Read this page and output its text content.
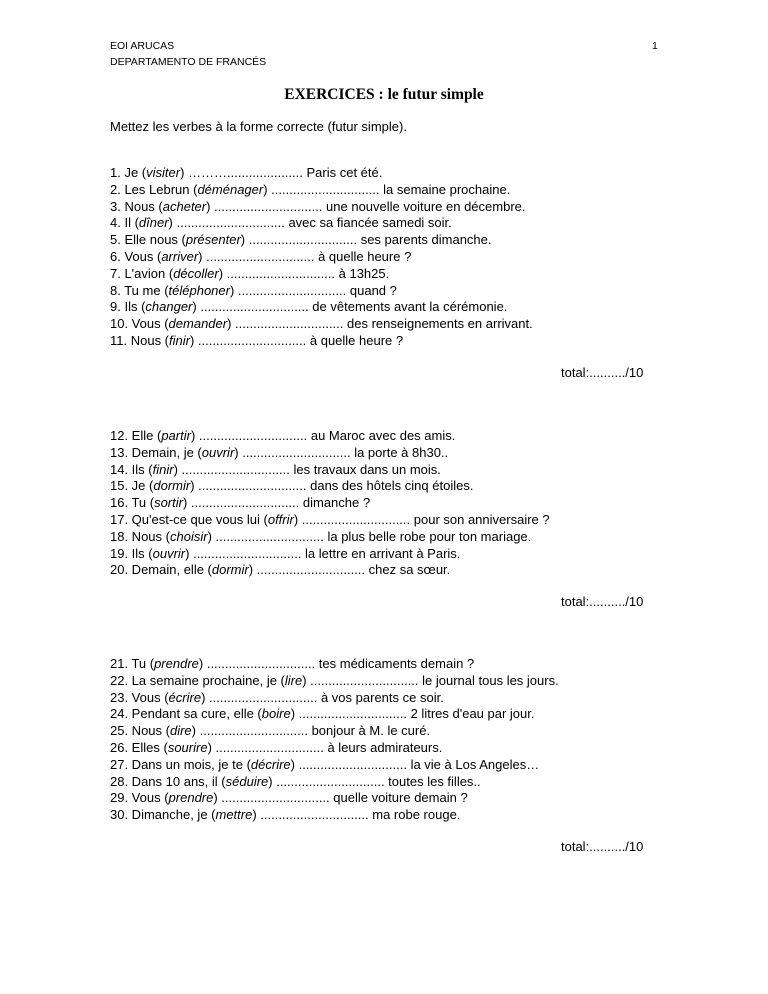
EOI ARUCAS
DEPARTAMENTO DE FRANCÉS
1
EXERCICES : le futur simple
Mettez les verbes à la forme correcte (futur simple).
1. Je (visiter) ………..................... Paris cet été.
2. Les Lebrun (déménager) .............................. la semaine prochaine.
3. Nous (acheter) .............................. une nouvelle voiture en décembre.
4. Il (dîner) .............................. avec sa fiancée samedi soir.
5. Elle nous (présenter) .............................. ses parents dimanche.
6. Vous (arriver) .............................. à quelle heure ?
7. L'avion (décoller) .............................. à 13h25.
8. Tu me (téléphoner) .............................. quand ?
9. Ils (changer) .............................. de vêtements avant la cérémonie.
10. Vous (demander) .............................. des renseignements en arrivant.
11. Nous (finir) .............................. à quelle heure ?
total:........../10
12. Elle (partir) .............................. au Maroc avec des amis.
13. Demain, je (ouvrir) .............................. la porte à 8h30..
14. Ils (finir) .............................. les travaux dans un mois.
15. Je (dormir) .............................. dans des hôtels cinq étoiles.
16. Tu (sortir) .............................. dimanche ?
17. Qu'est-ce que vous lui (offrir) .............................. pour son anniversaire ?
18. Nous (choisir) .............................. la plus belle robe pour ton mariage.
19. Ils (ouvrir) .............................. la lettre en arrivant à Paris.
20. Demain, elle (dormir) .............................. chez sa sœur.
total:........../10
21. Tu (prendre) .............................. tes médicaments demain ?
22. La semaine prochaine, je (lire) .............................. le journal tous les jours.
23. Vous (écrire) .............................. à vos parents ce soir.
24. Pendant sa cure, elle (boire) .............................. 2 litres d'eau par jour.
25. Nous (dire) .............................. bonjour à M. le curé.
26. Elles (sourire) .............................. à leurs admirateurs.
27. Dans un mois, je te (décrire) .............................. la vie à Los Angeles…
28. Dans 10 ans, il (séduire) .............................. toutes les filles..
29. Vous (prendre) .............................. quelle voiture demain ?
30. Dimanche, je (mettre) .............................. ma robe rouge.
total:........../10
